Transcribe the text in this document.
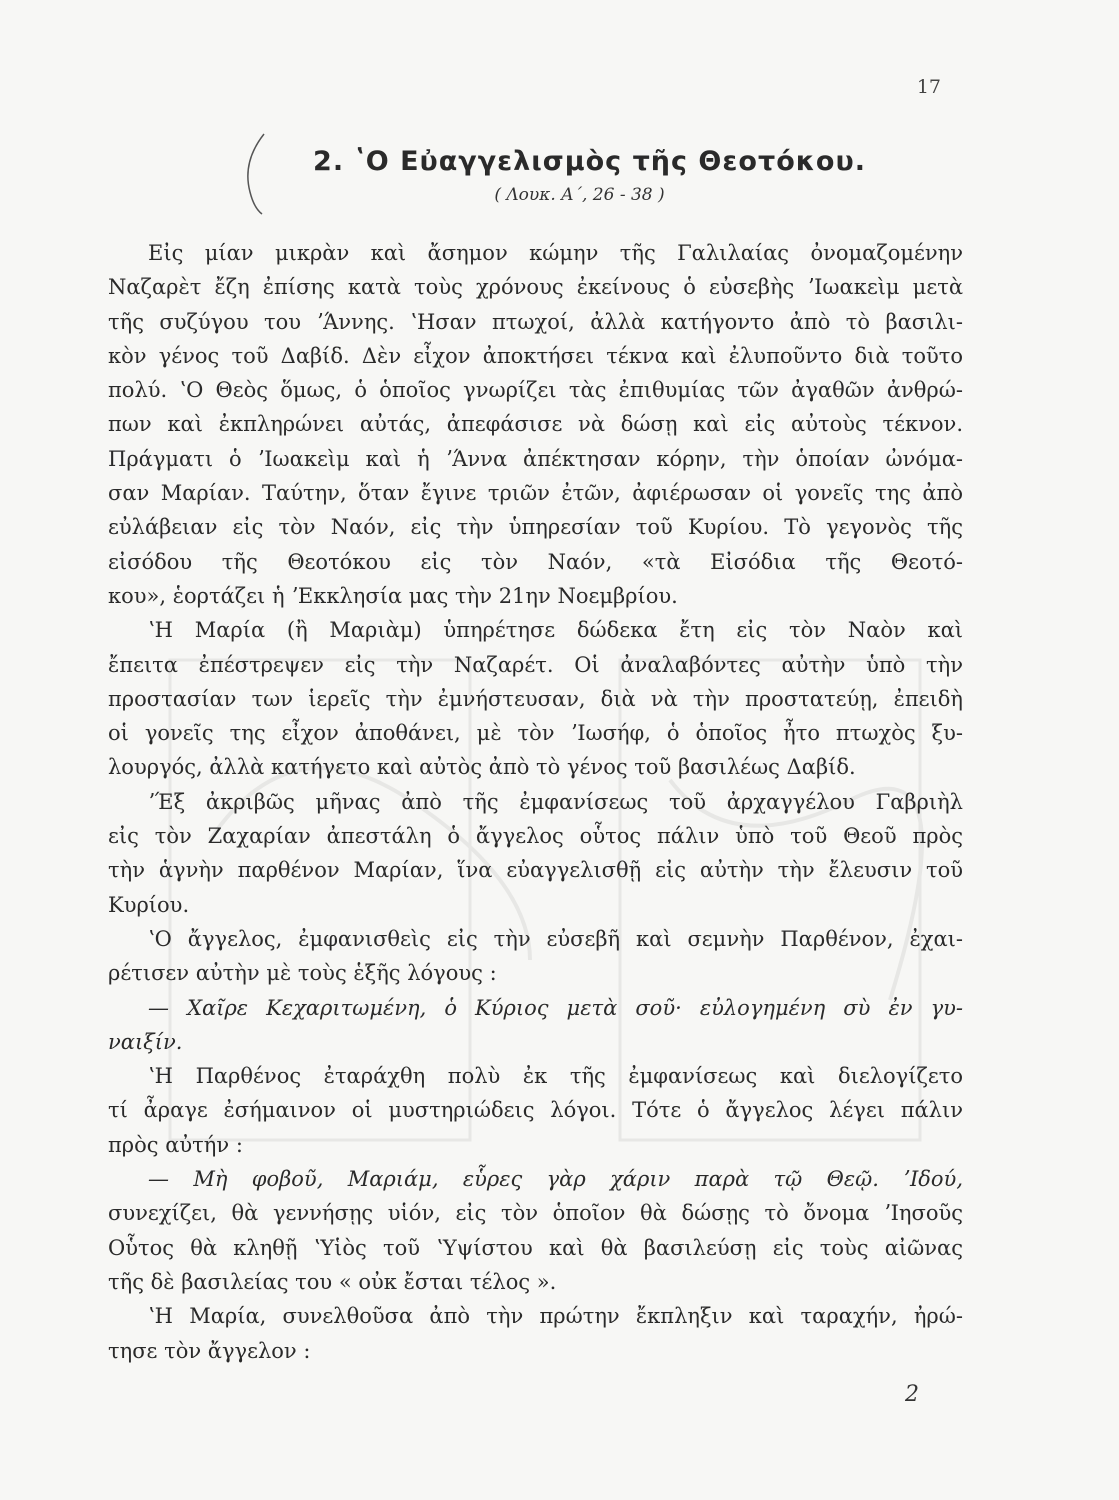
17
2. ʽΟ Εὐαγγελισμὸς τῆς Θεοτόκου.
( Λουκ. Α΄, 26 - 38 )
Εἰς μίαν μικρὰν καὶ ἄσημον κώμην τῆς Γαλιλαίας ὀνομαζομένην
Ναζαρὲτ ἔζη ἐπίσης κατὰ τοὺς χρόνους ἐκείνους ὁ εὐσεβὴς ʼΙωακεὶμ μετὰ
τῆς συζύγου του ʼΆννης. ʽΗσαν πτωχοί, ἀλλὰ κατήγοντο ἀπὸ τὸ βασιλι-
κὸν γένος τοῦ Δαβίδ. Δὲν εἶχον ἀποκτήσει τέκνα καὶ ἐλυποῦντο διὰ τοῦτο
πολύ. ʽΟ Θεὸς ὅμως, ὁ ὁποῖος γνωρίζει τὰς ἐπιθυμίας τῶν ἀγαθῶν ἀνθρώ-
πων καὶ ἐκπληρώνει αὐτάς, ἀπεφάσισε νὰ δώσῃ καὶ εἰς αὐτοὺς τέκνον.
Πράγματι ὁ ʼΙωακεὶμ καὶ ἡ ʼΆννα ἀπέκτησαν κόρην, τὴν ὁποίαν ὠνόμα-
σαν Μαρίαν. Ταύτην, ὅταν ἔγινε τριῶν ἐτῶν, ἀφιέρωσαν οἱ γονεῖς της ἀπὸ
εὐλάβειαν εἰς τὸν Ναόν, εἰς τὴν ὑπηρεσίαν τοῦ Κυρίου. Τὸ γεγονὸς τῆς
εἰσόδου τῆς Θεοτόκου εἰς τὸν Ναόν, «τὰ Εἰσόδια τῆς Θεοτό-
κου», ἑορτάζει ἡ ʼΕκκλησία μας τὴν 21ην Νοεμβρίου.
ʽΗ Μαρία (ἢ Μαριὰμ) ὑπηρέτησε δώδεκα ἔτη εἰς τὸν Ναὸν καὶ
ἔπειτα ἐπέστρεψεν εἰς τὴν Ναζαρέτ. Οἱ ἀναλαβόντες αὐτὴν ὑπὸ τὴν
προστασίαν των ἱερεῖς τὴν ἐμνήστευσαν, διὰ νὰ τὴν προστατεύῃ, ἐπειδὴ
οἱ γονεῖς της εἶχον ἀποθάνει, μὲ τὸν ʼΙωσήφ, ὁ ὁποῖος ἦτο πτωχὸς ξυ-
λουργός, ἀλλὰ κατήγετο καὶ αὐτὸς ἀπὸ τὸ γένος τοῦ βασιλέως Δαβίδ.
ʼΈξ ἀκριβῶς μῆνας ἀπὸ τῆς ἐμφανίσεως τοῦ ἀρχαγγέλου Γαβριὴλ
εἰς τὸν Ζαχαρίαν ἀπεστάλη ὁ ἄγγελος οὗτος πάλιν ὑπὸ τοῦ Θεοῦ πρὸς
τὴν ἁγνὴν παρθένον Μαρίαν, ἵνα εὐαγγελισθῇ εἰς αὐτὴν τὴν ἔλευσιν τοῦ
Κυρίου.
ʽΟ ἄγγελος, ἐμφανισθεὶς εἰς τὴν εὐσεβῆ καὶ σεμνὴν Παρθένον, ἐχαι-
ρέτισεν αὐτὴν μὲ τοὺς ἑξῆς λόγους :
— Χαῖρε Κεχαριτωμένη, ὁ Κύριος μετὰ σοῦ· εὐλογημένη σὺ ἐν γυ-
ναιξίν.
ʽΗ Παρθένος ἐταράχθη πολὺ ἐκ τῆς ἐμφανίσεως καὶ διελογίζετο
τί ἆραγε ἐσήμαινον οἱ μυστηριώδεις λόγοι. Τότε ὁ ἄγγελος λέγει πάλιν
πρὸς αὐτήν :
— Μὴ φοβοῦ, Μαριάμ, εὗρες γὰρ χάριν παρὰ τῷ Θεῷ. ʼΙδού,
συνεχίζει, θὰ γεννήσῃς υἱόν, εἰς τὸν ὁποῖον θὰ δώσῃς τὸ ὄνομα ʼΙησοῦς
Οὗτος θὰ κληθῇ ʽΥἱὸς τοῦ ʽΥψίστου καὶ θὰ βασιλεύσῃ εἰς τοὺς αἰῶνας
τῆς δὲ βασιλείας του « οὐκ ἔσται τέλος ».
ʽΗ Μαρία, συνελθοῦσα ἀπὸ τὴν πρώτην ἔκπληξιν καὶ ταραχήν, ἠρώ-
τησε τὸν ἄγγελον :
2
